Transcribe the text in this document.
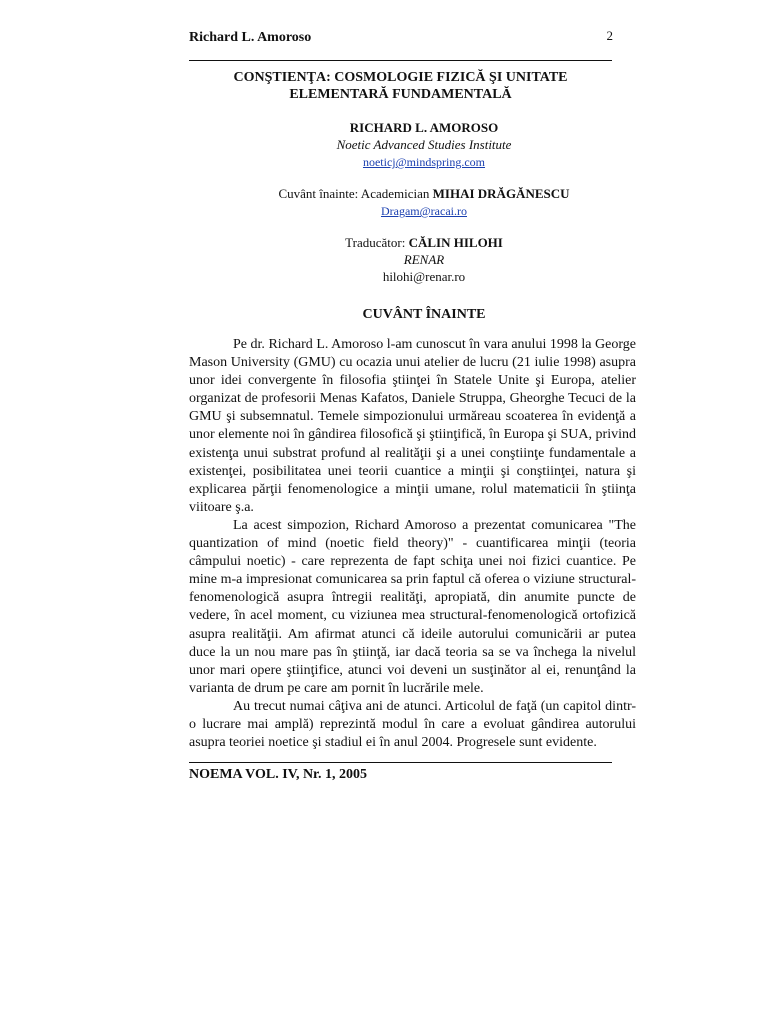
Richard L. Amoroso	2
CONŞTIENŢA: COSMOLOGIE FIZICĂ ŞI UNITATE
ELEMENTARĂ FUNDAMENTALĂ
RICHARD L. AMOROSO
Noetic Advanced Studies Institute
noeticj@mindspring.com
Cuvânt înainte: Academician MIHAI DRĂGĂNESCU
Dragam@racai.ro
Traducător: CĂLIN HILOHI
RENAR
hilohi@renar.ro
CUVÂNT ÎNAINTE

Pe dr. Richard L. Amoroso l-am cunoscut în vara anului 1998 la George Mason University (GMU) cu ocazia unui atelier de lucru (21 iulie 1998) asupra unor idei convergente în filosofia ştiinţei în Statele Unite şi Europa, atelier organizat de profesorii Menas Kafatos, Daniele Struppa, Gheorghe Tecuci de la GMU şi subsemnatul. Temele simpozionului urmăreau scoaterea în evidenţă a unor elemente noi în gândirea filosofică şi ştiinţifică, în Europa şi SUA, privind existenţa unui substrat profund al realităţii şi a unei conştiinţe fundamentale a existenţei, posibilitatea unei teorii cuantice a minţii şi conştiinţei, natura şi explicarea părţii fenomenologice a minţii umane, rolul matematicii în ştiinţa viitoare ş.a.

La acest simpozion, Richard Amoroso a prezentat comunicarea "The quantization of mind (noetic field theory)" - cuantificarea minţii (teoria câmpului noetic) - care reprezenta de fapt schiţa unei noi fizici cuantice. Pe mine m-a impresionat comunicarea sa prin faptul că oferea o viziune structural-fenomenologică asupra întregii realităţi, apropiată, din anumite puncte de vedere, în acel moment, cu viziunea mea structural-fenomenologică ortofizică asupra realităţii. Am afirmat atunci că ideile autorului comunicării ar putea duce la un nou mare pas în ştiinţă, iar dacă teoria sa se va închega la nivelul unor mari opere ştiinţifice, atunci voi deveni un susţinător al ei, renunţând la varianta de drum pe care am pornit în lucrările mele.

Au trecut numai câţiva ani de atunci. Articolul de faţă (un capitol dintr-o lucrare mai amplă) reprezintă modul în care a evoluat gândirea autorului asupra teoriei noetice şi stadiul ei în anul 2004. Progresele sunt evidente.

NOEMA VOL. IV, Nr. 1, 2005
